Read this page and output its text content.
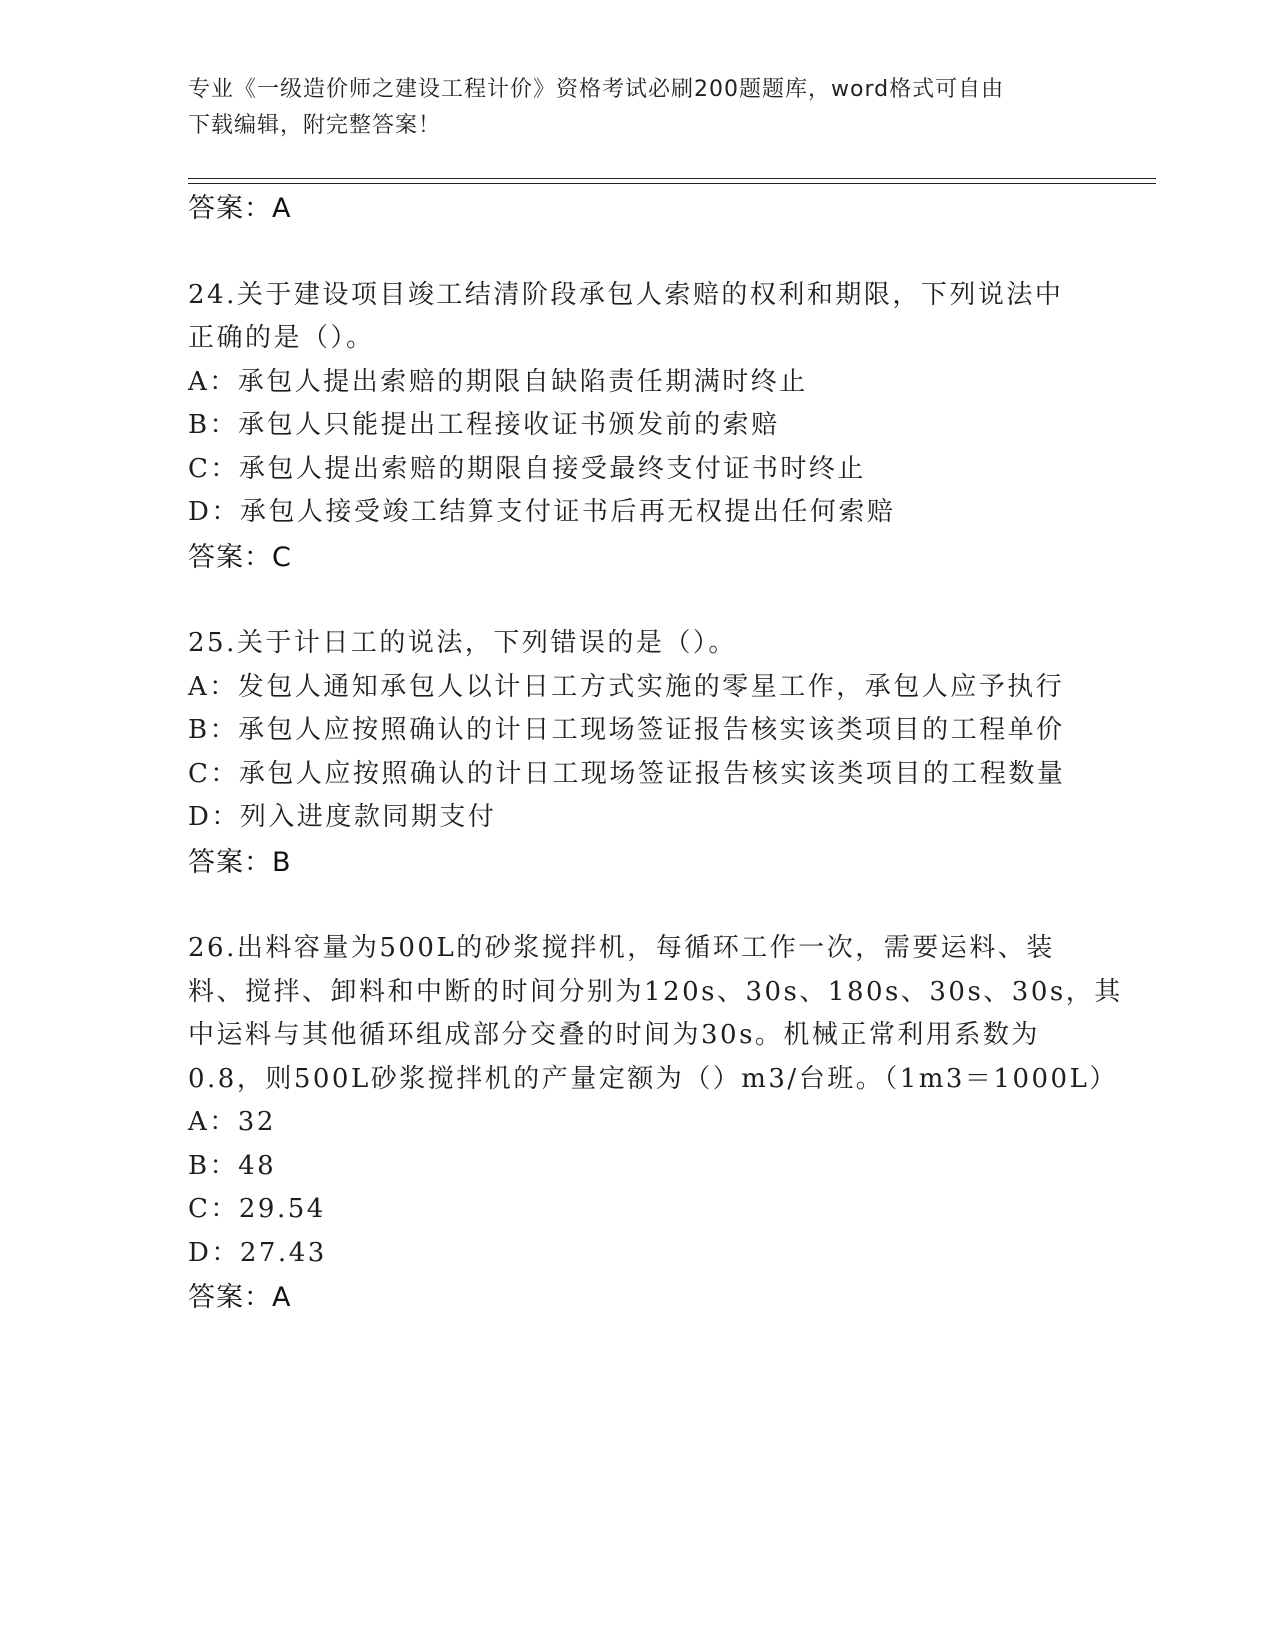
专业《一级造价师之建设工程计价》资格考试必刷200题题库，word格式可自由
下载编辑，附完整答案！
答案：A
24.关于建设项目竣工结清阶段承包人索赔的权利和期限，下列说法中
正确的是（）。
A：承包人提出索赔的期限自缺陷责任期满时终止
B：承包人只能提出工程接收证书颁发前的索赔
C：承包人提出索赔的期限自接受最终支付证书时终止
D：承包人接受竣工结算支付证书后再无权提出任何索赔
答案：C
25.关于计日工的说法，下列错误的是（）。
A：发包人通知承包人以计日工方式实施的零星工作，承包人应予执行
B：承包人应按照确认的计日工现场签证报告核实该类项目的工程单价
C：承包人应按照确认的计日工现场签证报告核实该类项目的工程数量
D：列入进度款同期支付
答案：B
26.出料容量为500L的砂浆搅拌机，每循环工作一次，需要运料、装
料、搅拌、卸料和中断的时间分别为120s、30s、180s、30s、30s，其
中运料与其他循环组成部分交叠的时间为30s。机械正常利用系数为
0.8，则500L砂浆搅拌机的产量定额为（）m3/台班。（1m3＝1000L）
A：32
B：48
C：29.54
D：27.43
答案：A
